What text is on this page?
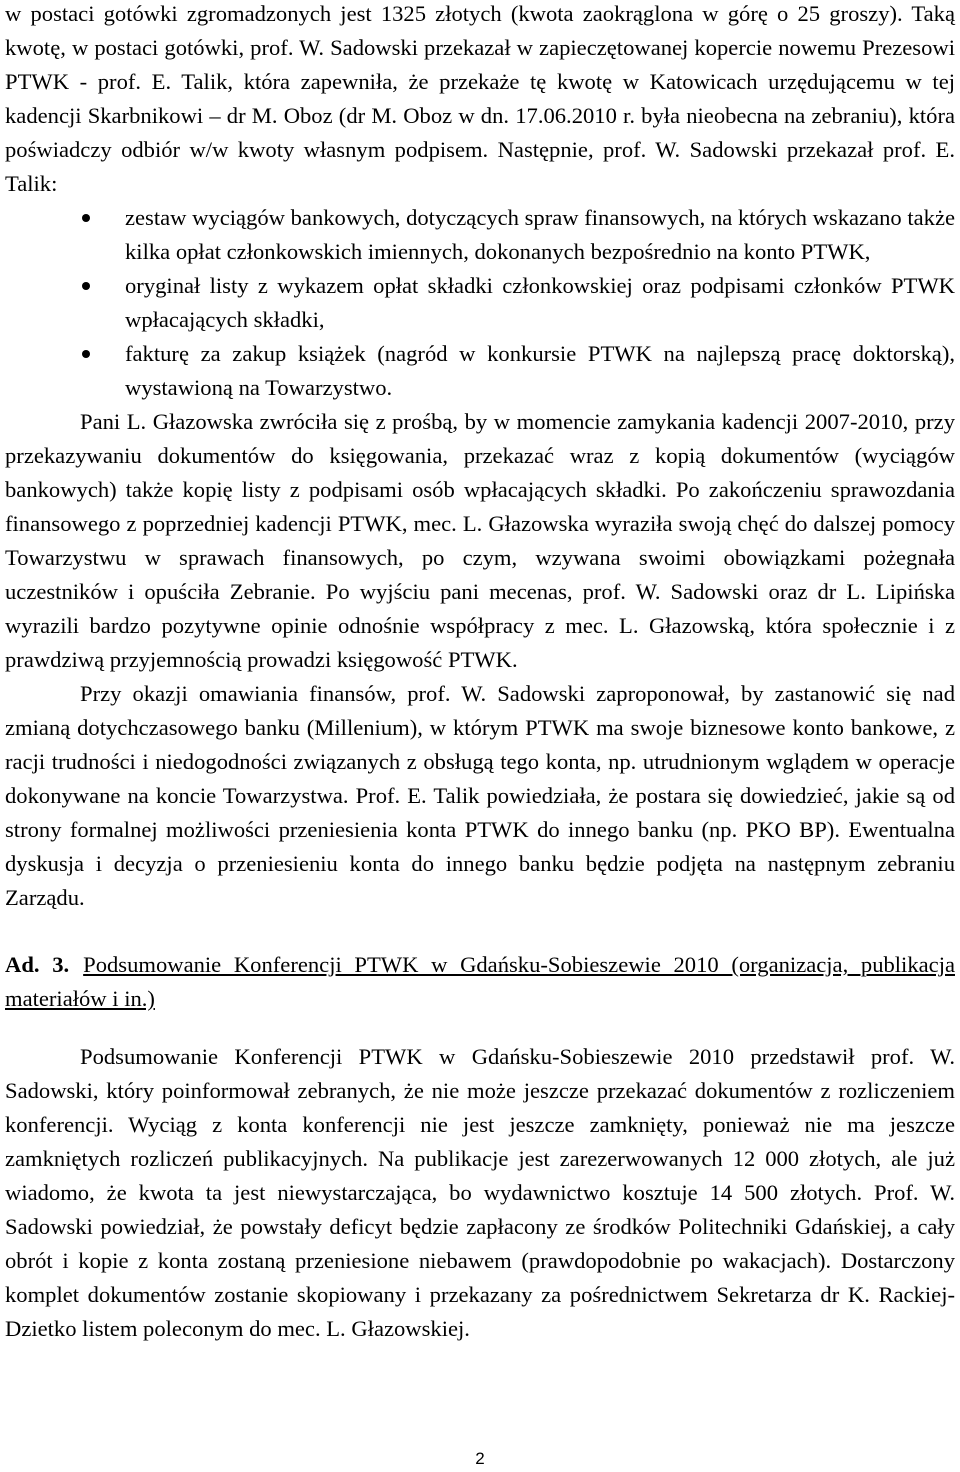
w postaci gotówki zgromadzonych jest 1325 złotych (kwota zaokrąglona w górę o 25 groszy). Taką kwotę, w postaci gotówki, prof. W. Sadowski przekazał w zapieczętowanej kopercie nowemu Prezesowi PTWK - prof. E. Talik, która zapewniła, że przekaże tę kwotę w Katowicach urzędującemu w tej kadencji Skarbnikowi – dr M. Oboz (dr M. Oboz w dn. 17.06.2010 r. była nieobecna na zebraniu), która poświadczy odbiór w/w kwoty własnym podpisem. Następnie, prof. W. Sadowski przekazał prof. E. Talik:

zestaw wyciągów bankowych, dotyczących spraw finansowych, na których wskazano także kilka opłat członkowskich imiennych, dokonanych bezpośrednio na konto PTWK,
oryginał listy z wykazem opłat składki członkowskiej oraz podpisami członków PTWK wpłacających składki,
fakturę za zakup książek (nagród w konkursie PTWK na najlepszą pracę doktorską), wystawioną na Towarzystwo.

Pani L. Głazowska zwróciła się z prośbą, by w momencie zamykania kadencji 2007-2010, przy przekazywaniu dokumentów do księgowania, przekazać wraz z kopią dokumentów (wyciągów bankowych) także kopię listy z podpisami osób wpłacających składki. Po zakończeniu sprawozdania finansowego z poprzedniej kadencji PTWK, mec. L. Głazowska wyraziła swoją chęć do dalszej pomocy Towarzystwu w sprawach finansowych, po czym, wzywana swoimi obowiązkami pożegnała uczestników i opuściła Zebranie. Po wyjściu pani mecenas, prof. W. Sadowski oraz dr L. Lipińska wyrazili bardzo pozytywne opinie odnośnie współpracy z mec. L. Głazowską, która społecznie i z prawdziwą przyjemnością prowadzi księgowość PTWK.

Przy okazji omawiania finansów, prof. W. Sadowski zaproponował, by zastanowić się nad zmianą dotychczasowego banku (Millenium), w którym PTWK ma swoje biznesowe konto bankowe, z racji trudności i niedogodności związanych z obsługą tego konta, np. utrudnionym wglądem w operacje dokonywane na koncie Towarzystwa. Prof. E. Talik powiedziała, że postara się dowiedzieć, jakie są od strony formalnej możliwości przeniesienia konta PTWK do innego banku (np. PKO BP). Ewentualna dyskusja i decyzja o przeniesieniu konta do innego banku będzie podjęta na następnym zebraniu Zarządu.

Ad. 3. Podsumowanie Konferencji PTWK w Gdańsku-Sobieszewie 2010 (organizacja, publikacja materiałów i in.)

Podsumowanie Konferencji PTWK w Gdańsku-Sobieszewie 2010 przedstawił prof. W. Sadowski, który poinformował zebranych, że nie może jeszcze przekazać dokumentów z rozliczeniem konferencji. Wyciąg z konta konferencji nie jest jeszcze zamknięty, ponieważ nie ma jeszcze zamkniętych rozliczeń publikacyjnych. Na publikacje jest zarezerwowanych 12 000 złotych, ale już wiadomo, że kwota ta jest niewystarczająca, bo wydawnictwo kosztuje 14 500 złotych. Prof. W. Sadowski powiedział, że powstały deficyt będzie zapłacony ze środków Politechniki Gdańskiej, a cały obrót i kopie z konta zostaną przeniesione niebawem (prawdopodobnie po wakacjach). Dostarczony komplet dokumentów zostanie skopiowany i przekazany za pośrednictwem Sekretarza dr K. Rackiej-Dzietko listem poleconym do mec. L. Głazowskiej.

2
